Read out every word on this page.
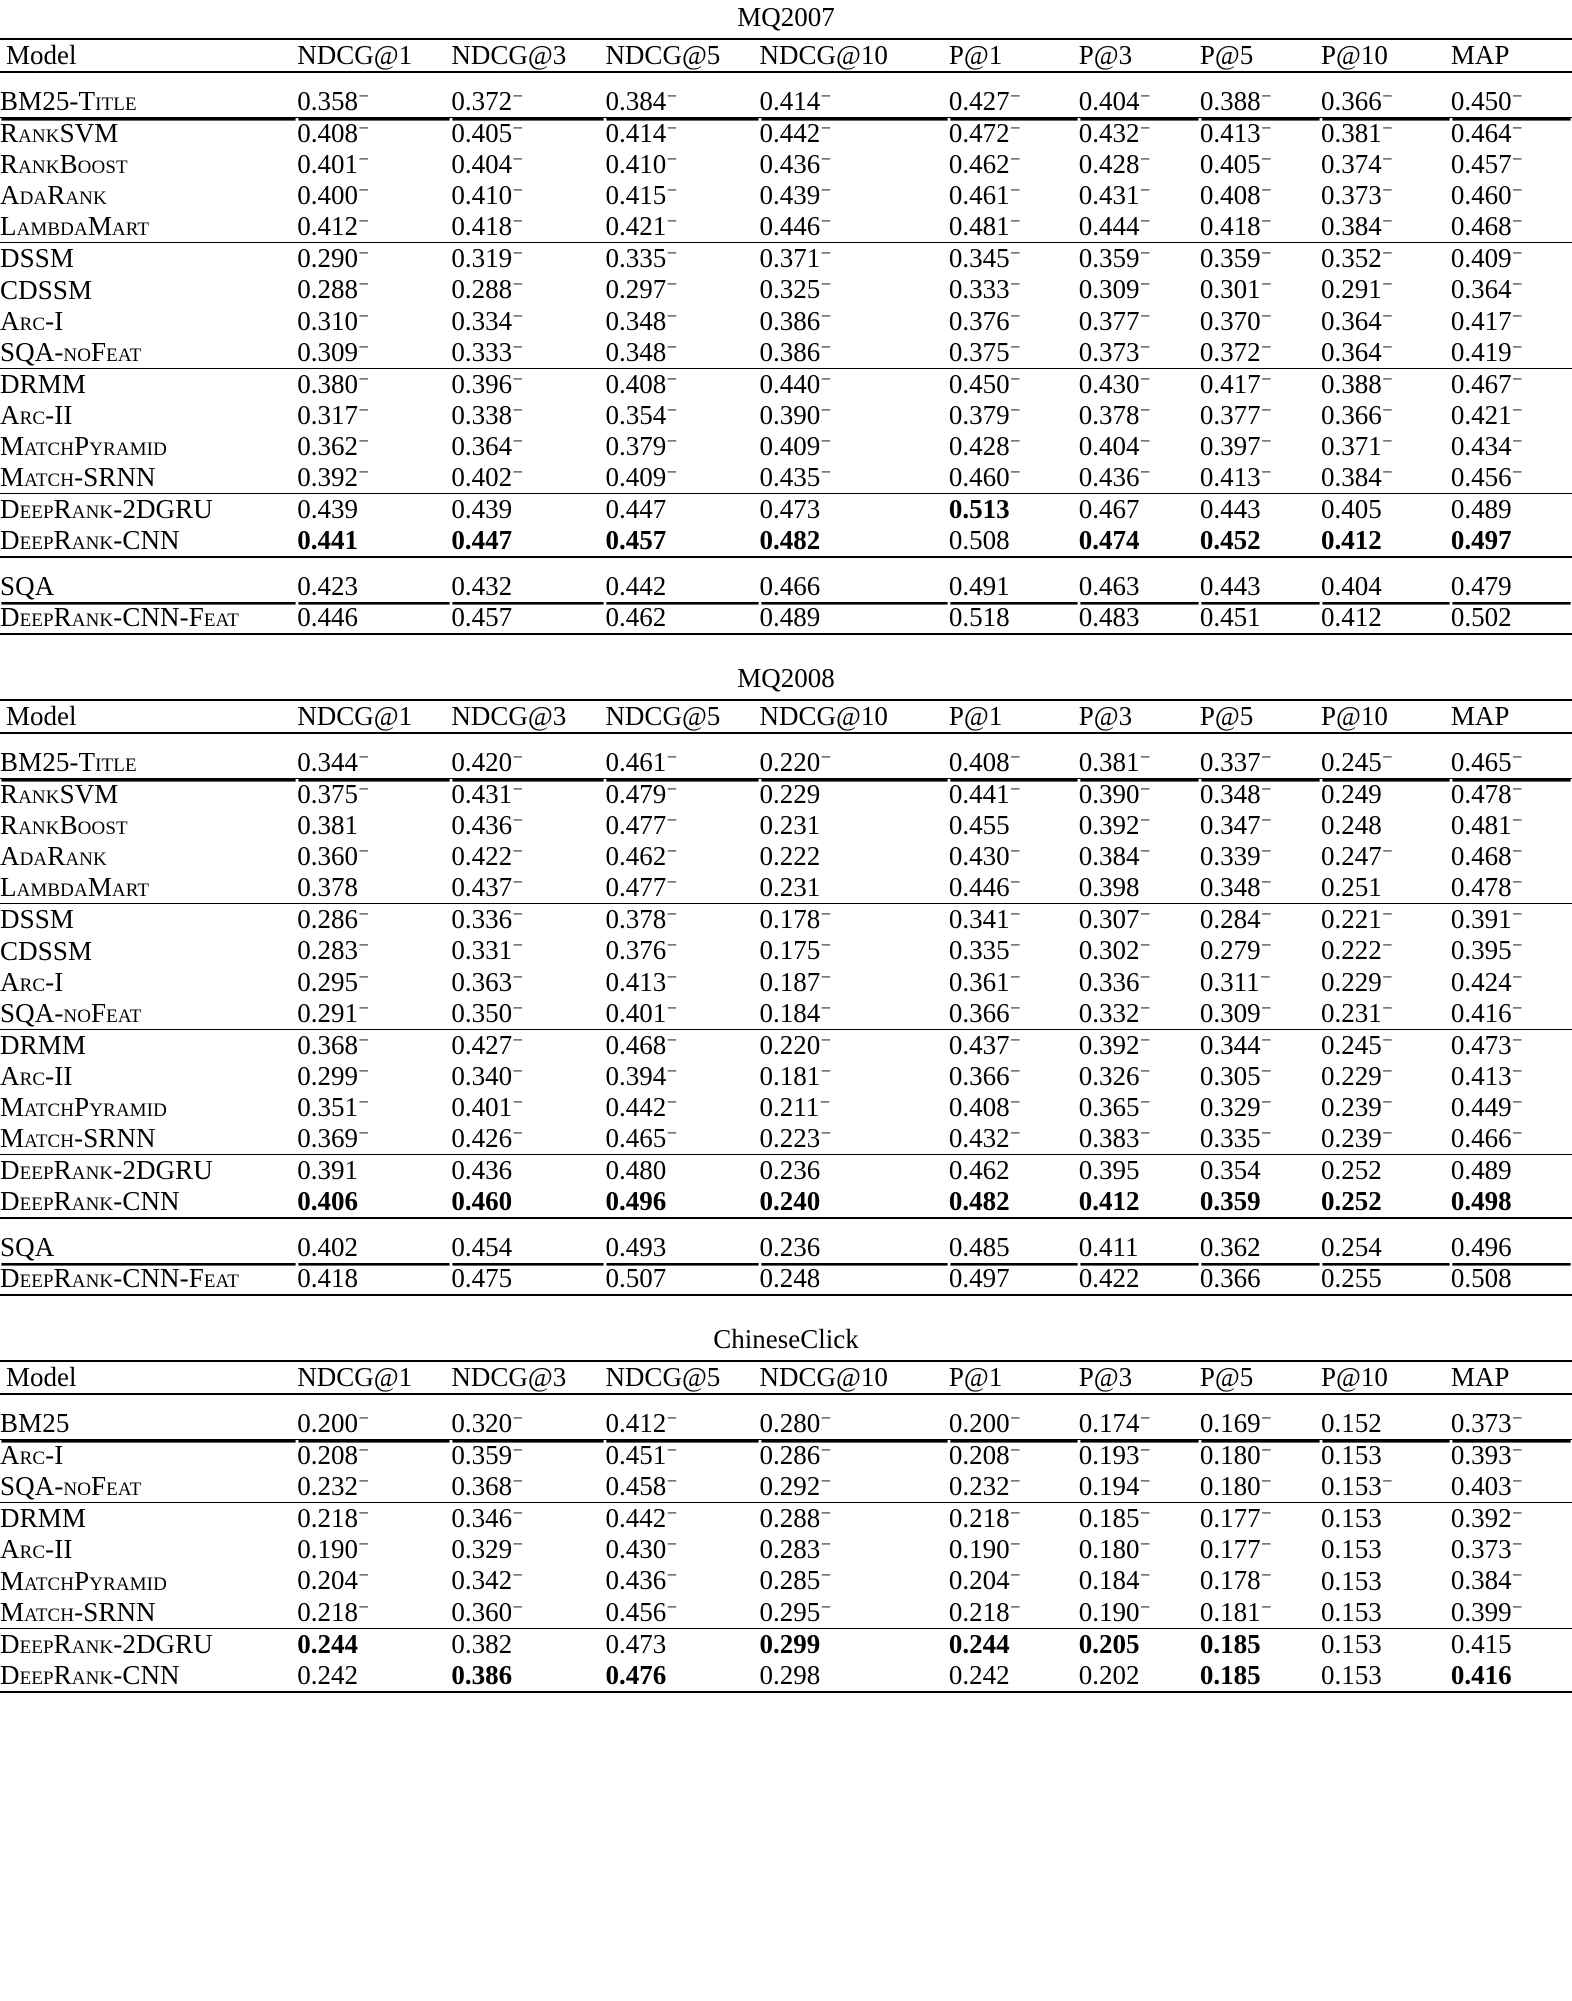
MQ2007
Model	NDCG@1	NDCG@3	NDCG@5	NDCG@10	P@1	P@3	P@5	P@10	MAP
BM25-Title	0.358−	0.372−	0.384−	0.414−	0.427−	0.404−	0.388−	0.366−	0.450−
RankSVM	0.408−	0.405−	0.414−	0.442−	0.472−	0.432−	0.413−	0.381−	0.464−
RankBoost	0.401−	0.404−	0.410−	0.436−	0.462−	0.428−	0.405−	0.374−	0.457−
AdaRank	0.400−	0.410−	0.415−	0.439−	0.461−	0.431−	0.408−	0.373−	0.460−
LambdaMart	0.412−	0.418−	0.421−	0.446−	0.481−	0.444−	0.418−	0.384−	0.468−
DSSM	0.290−	0.319−	0.335−	0.371−	0.345−	0.359−	0.359−	0.352−	0.409−
CDSSM	0.288−	0.288−	0.297−	0.325−	0.333−	0.309−	0.301−	0.291−	0.364−
Arc-I	0.310−	0.334−	0.348−	0.386−	0.376−	0.377−	0.370−	0.364−	0.417−
SQA-noFeat	0.309−	0.333−	0.348−	0.386−	0.375−	0.373−	0.372−	0.364−	0.419−
DRMM	0.380−	0.396−	0.408−	0.440−	0.450−	0.430−	0.417−	0.388−	0.467−
Arc-II	0.317−	0.338−	0.354−	0.390−	0.379−	0.378−	0.377−	0.366−	0.421−
MatchPyramid	0.362−	0.364−	0.379−	0.409−	0.428−	0.404−	0.397−	0.371−	0.434−
Match-SRNN	0.392−	0.402−	0.409−	0.435−	0.460−	0.436−	0.413−	0.384−	0.456−
DeepRank-2DGRU	0.439	0.439	0.447	0.473	0.513	0.467	0.443	0.405	0.489
DeepRank-CNN	0.441	0.447	0.457	0.482	0.508	0.474	0.452	0.412	0.497
SQA	0.423	0.432	0.442	0.466	0.491	0.463	0.443	0.404	0.479
DeepRank-CNN-Feat	0.446	0.457	0.462	0.489	0.518	0.483	0.451	0.412	0.502

MQ2008
Model	NDCG@1	NDCG@3	NDCG@5	NDCG@10	P@1	P@3	P@5	P@10	MAP
BM25-Title	0.344−	0.420−	0.461−	0.220−	0.408−	0.381−	0.337−	0.245−	0.465−
RankSVM	0.375−	0.431−	0.479−	0.229	0.441−	0.390−	0.348−	0.249	0.478−
RankBoost	0.381	0.436−	0.477−	0.231	0.455	0.392−	0.347−	0.248	0.481−
AdaRank	0.360−	0.422−	0.462−	0.222	0.430−	0.384−	0.339−	0.247−	0.468−
LambdaMart	0.378	0.437−	0.477−	0.231	0.446−	0.398	0.348−	0.251	0.478−
DSSM	0.286−	0.336−	0.378−	0.178−	0.341−	0.307−	0.284−	0.221−	0.391−
CDSSM	0.283−	0.331−	0.376−	0.175−	0.335−	0.302−	0.279−	0.222−	0.395−
Arc-I	0.295−	0.363−	0.413−	0.187−	0.361−	0.336−	0.311−	0.229−	0.424−
SQA-noFeat	0.291−	0.350−	0.401−	0.184−	0.366−	0.332−	0.309−	0.231−	0.416−
DRMM	0.368−	0.427−	0.468−	0.220−	0.437−	0.392−	0.344−	0.245−	0.473−
Arc-II	0.299−	0.340−	0.394−	0.181−	0.366−	0.326−	0.305−	0.229−	0.413−
MatchPyramid	0.351−	0.401−	0.442−	0.211−	0.408−	0.365−	0.329−	0.239−	0.449−
Match-SRNN	0.369−	0.426−	0.465−	0.223−	0.432−	0.383−	0.335−	0.239−	0.466−
DeepRank-2DGRU	0.391	0.436	0.480	0.236	0.462	0.395	0.354	0.252	0.489
DeepRank-CNN	0.406	0.460	0.496	0.240	0.482	0.412	0.359	0.252	0.498
SQA	0.402	0.454	0.493	0.236	0.485	0.411	0.362	0.254	0.496
DeepRank-CNN-Feat	0.418	0.475	0.507	0.248	0.497	0.422	0.366	0.255	0.508

ChineseClick
Model	NDCG@1	NDCG@3	NDCG@5	NDCG@10	P@1	P@3	P@5	P@10	MAP
BM25	0.200−	0.320−	0.412−	0.280−	0.200−	0.174−	0.169−	0.152	0.373−
Arc-I	0.208−	0.359−	0.451−	0.286−	0.208−	0.193−	0.180−	0.153	0.393−
SQA-noFeat	0.232−	0.368−	0.458−	0.292−	0.232−	0.194−	0.180−	0.153−	0.403−
DRMM	0.218−	0.346−	0.442−	0.288−	0.218−	0.185−	0.177−	0.153	0.392−
Arc-II	0.190−	0.329−	0.430−	0.283−	0.190−	0.180−	0.177−	0.153	0.373−
MatchPyramid	0.204−	0.342−	0.436−	0.285−	0.204−	0.184−	0.178−	0.153	0.384−
Match-SRNN	0.218−	0.360−	0.456−	0.295−	0.218−	0.190−	0.181−	0.153	0.399−
DeepRank-2DGRU	0.244	0.382	0.473	0.299	0.244	0.205	0.185	0.153	0.415
DeepRank-CNN	0.242	0.386	0.476	0.298	0.242	0.202	0.185	0.153	0.416
